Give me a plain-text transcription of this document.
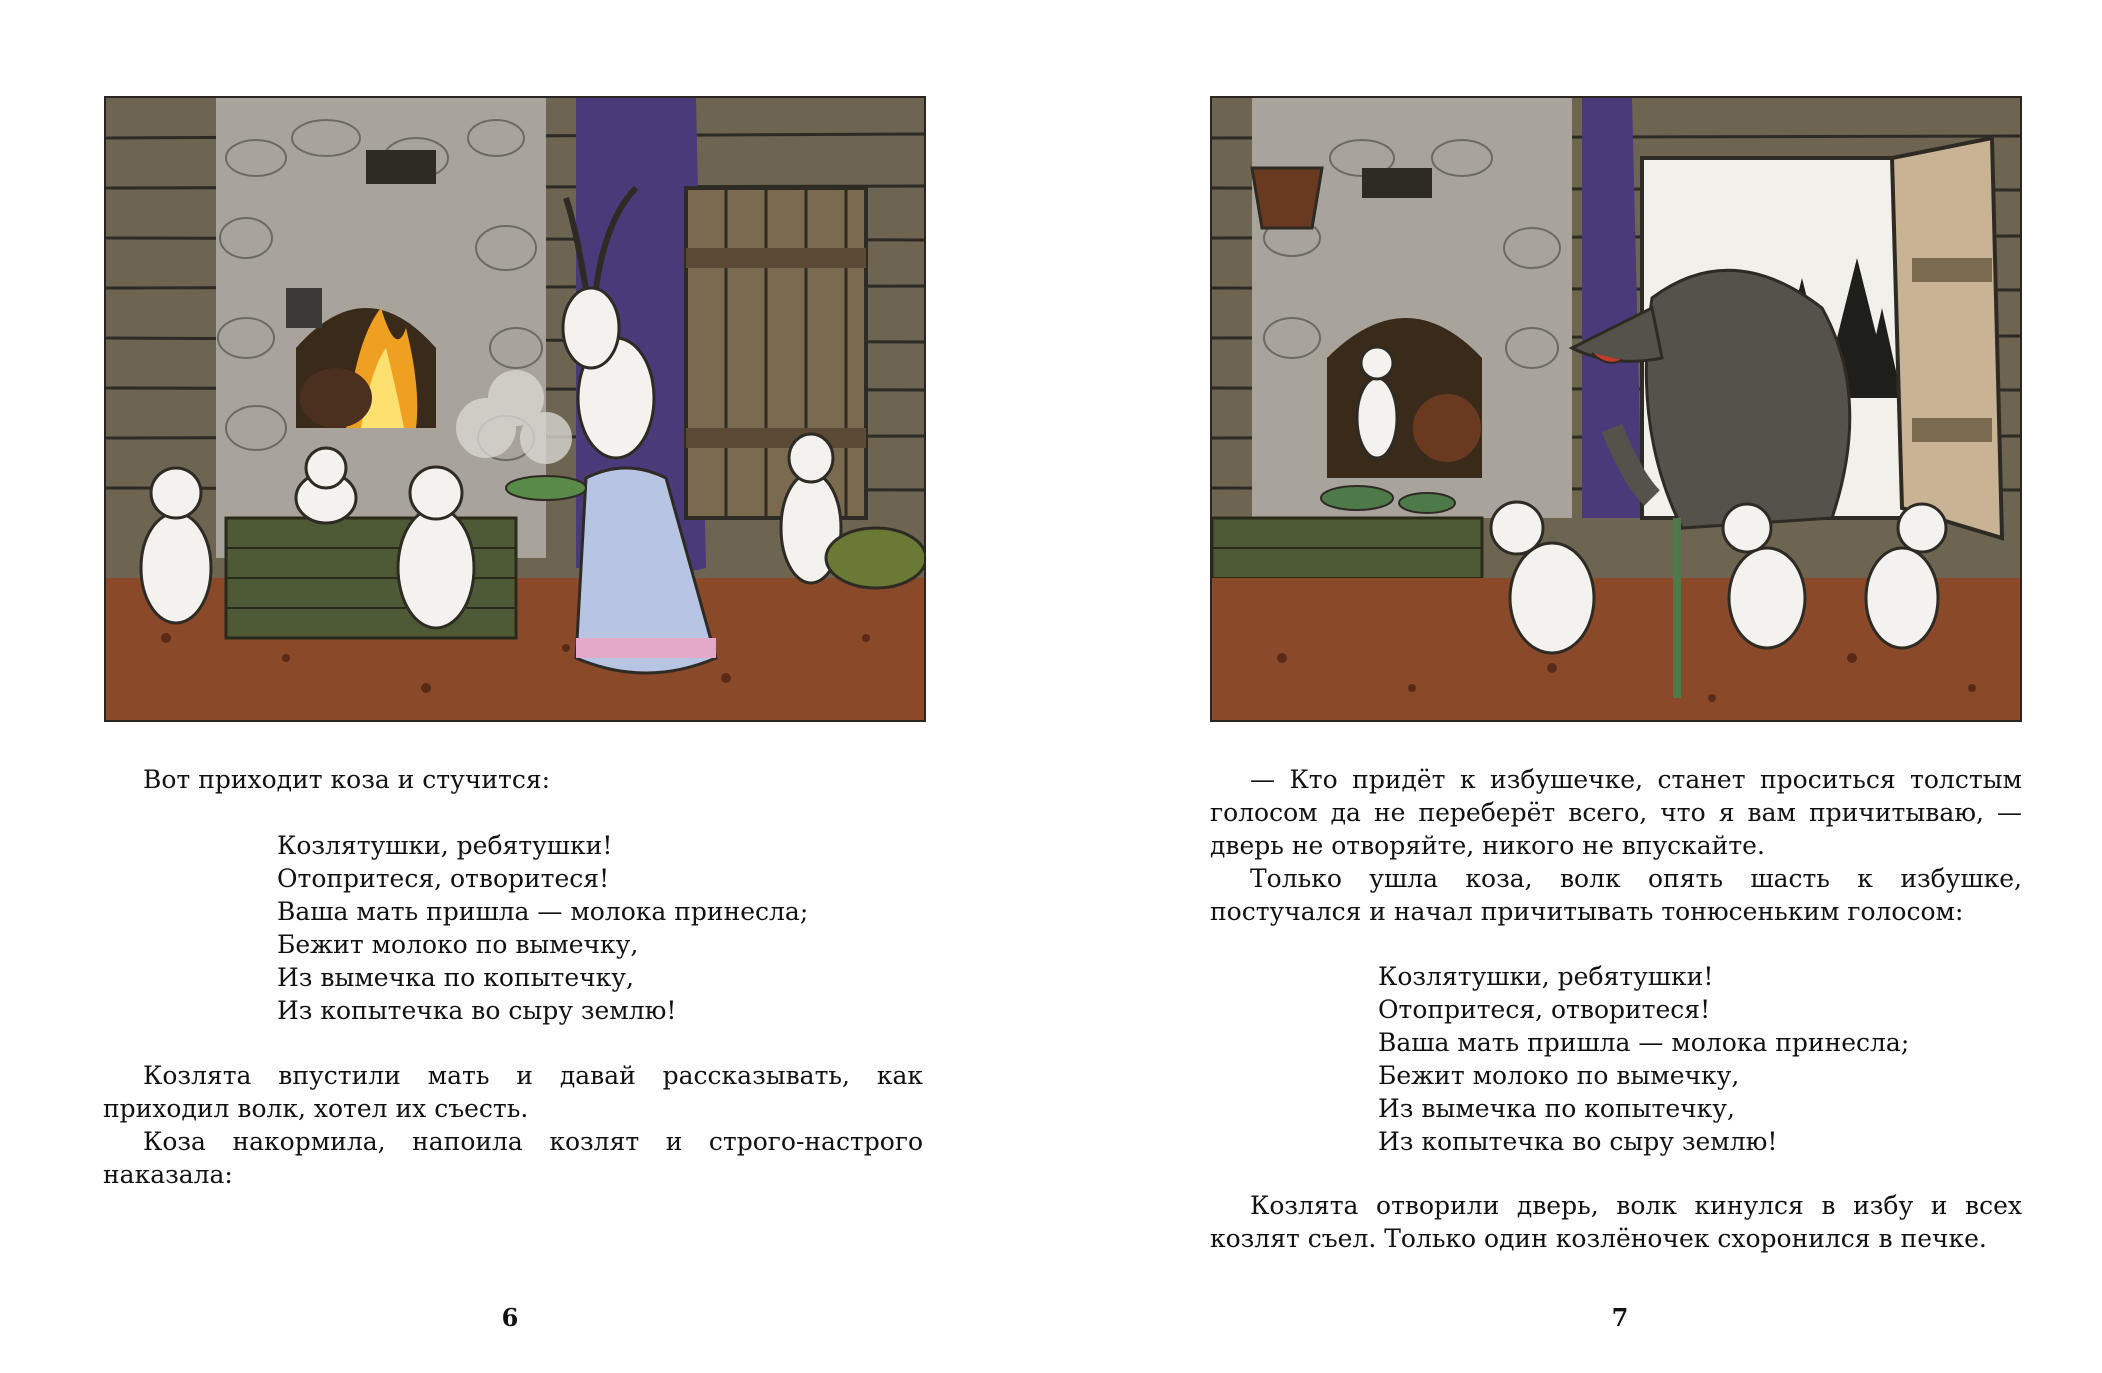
Вот приходит коза и стучится:

Козлятушки, ребятушки!
Отопритеся, отворитеся!
Ваша мать пришла — молока принесла;
Бежит молоко по вымечку,
Из вымечка по копытечку,
Из копытечка во сыру землю!

Козлята впустили мать и давай рассказывать, как приходил волк, хотел их съесть.

Коза накормила, напоила козлят и строго-настрого наказала:

6

— Кто придёт к избушечке, станет проситься толстым голосом да не переберёт всего, что я вам причитываю, — дверь не отворяйте, никого не впускайте.

Только ушла коза, волк опять шасть к избушке, постучался и начал причитывать тонюсеньким голосом:

Козлятушки, ребятушки!
Отопритеся, отворитеся!
Ваша мать пришла — молока принесла;
Бежит молоко по вымечку,
Из вымечка по копытечку,
Из копытечка во сыру землю!

Козлята отворили дверь, волк кинулся в избу и всех козлят съел. Только один козлёночек схоронился в печке.

7
